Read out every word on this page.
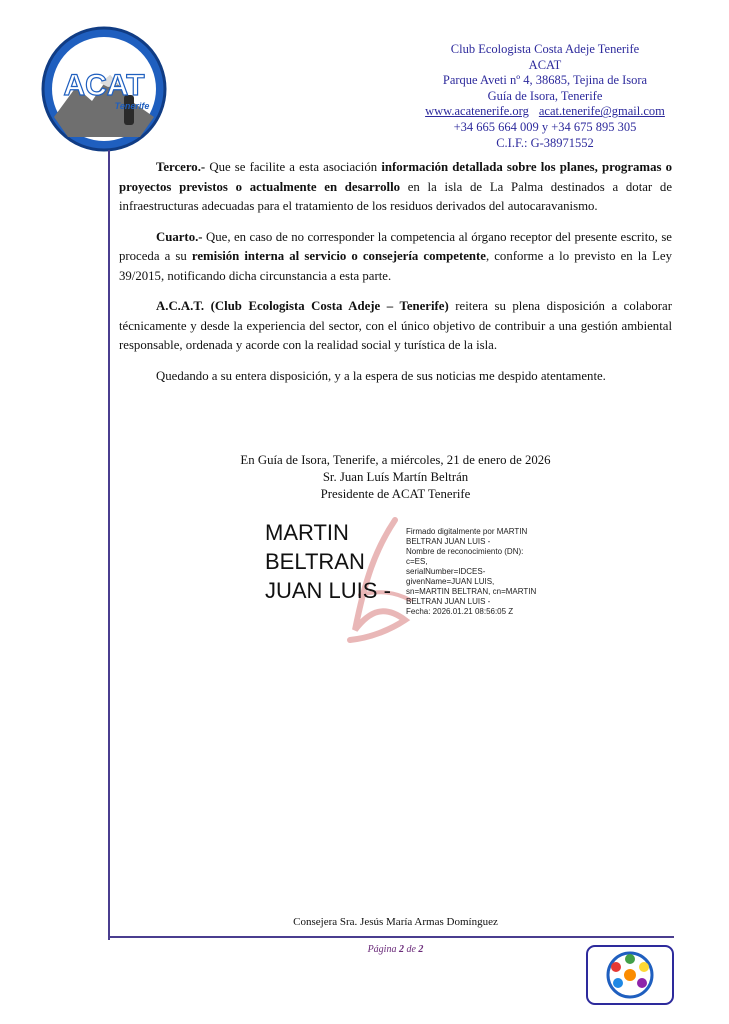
ACAT
Tenerife
Club Ecologista Costa Adeje Tenerife
ACAT
Parque Aveti nº 4, 38685, Tejina de Isora
Guía de Isora, Tenerife
www.acatenerife.org acat.tenerife@gmail.com
+34 665 664 009 y +34 675 895 305
C.I.F.: G-38971552

Tercero.- Que se facilite a esta asociación información detallada sobre los planes, programas o proyectos previstos o actualmente en desarrollo en la isla de La Palma destinados a dotar de infraestructuras adecuadas para el tratamiento de los residuos derivados del autocaravanismo.

Cuarto.- Que, en caso de no corresponder la competencia al órgano receptor del presente escrito, se proceda a su remisión interna al servicio o consejería competente, conforme a lo previsto en la Ley 39/2015, notificando dicha circunstancia a esta parte.

A.C.A.T. (Club Ecologista Costa Adeje – Tenerife) reitera su plena disposición a colaborar técnicamente y desde la experiencia del sector, con el único objetivo de contribuir a una gestión ambiental responsable, ordenada y acorde con la realidad social y turística de la isla.

Quedando a su entera disposición, y a la espera de sus noticias me despido atentamente.

En Guía de Isora, Tenerife, a miércoles, 21 de enero de 2026
Sr. Juan Luís Martín Beltrán
Presidente de ACAT Tenerife
MARTIN
BELTRAN
JUAN LUIS -
Firmado digitalmente por MARTIN
BELTRAN JUAN LUIS -
Nombre de reconocimiento (DN):
c=ES,
serialNumber=IDCES-
givenName=JUAN LUIS,
sn=MARTIN BELTRAN, cn=MARTIN
BELTRAN JUAN LUIS -
Fecha: 2026.01.21 08:56:05 Z
Consejera Sra. Jesús María Armas Domínguez
Página 2 de 2
